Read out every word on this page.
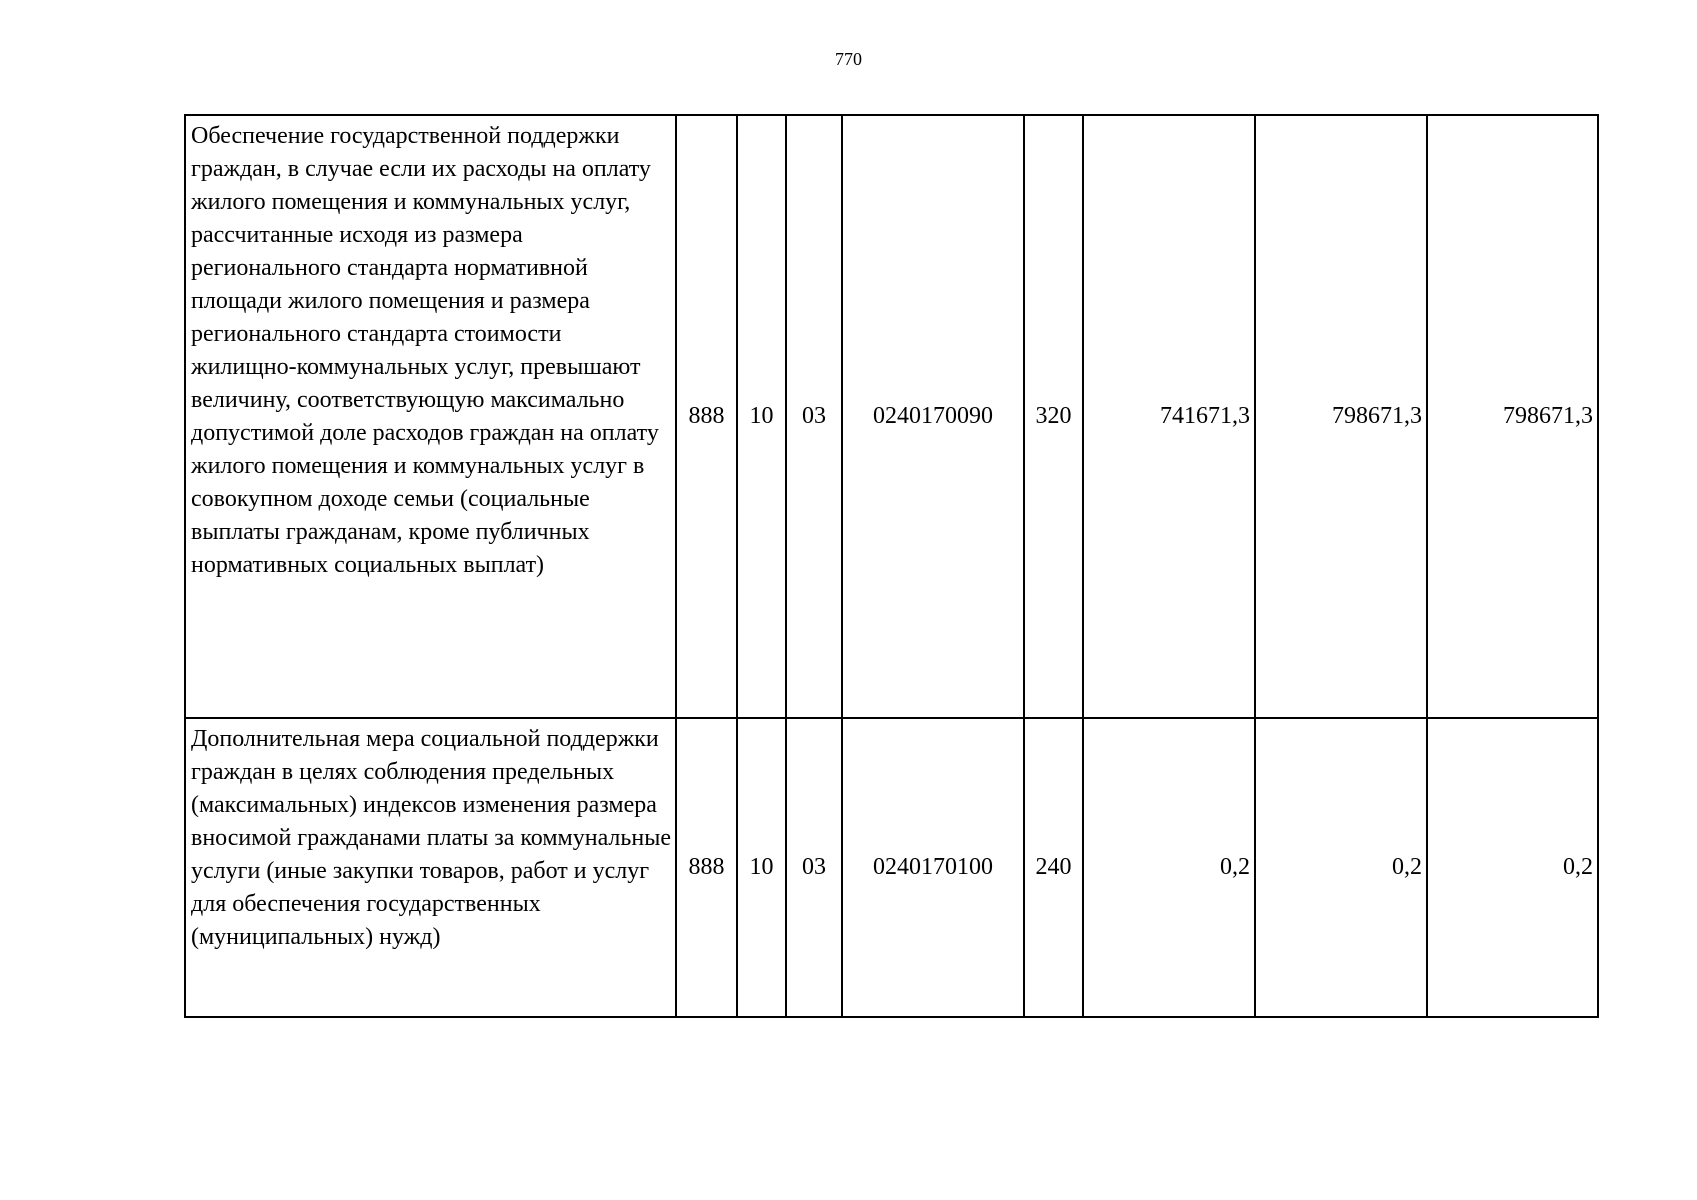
770
Обеспечение государственной поддержки граждан, в случае если их расходы на оплату жилого помещения и коммунальных услуг, рассчитанные исходя из размера регионального стандарта нормативной площади жилого помещения и размера регионального стандарта стоимости жилищно-коммунальных услуг, превышают величину, соответствующую максимально допустимой доле расходов граждан на оплату жилого помещения и коммунальных услуг в совокупном доходе семьи (социальные выплаты гражданам, кроме публичных нормативных социальных выплат)	888	10	03	0240170090	320	741671,3	798671,3	798671,3
Дополнительная мера социальной поддержки граждан в целях соблюдения предельных (максимальных) индексов изменения размера вносимой гражданами платы за коммунальные услуги (иные закупки товаров, работ и услуг для обеспечения государственных (муниципальных) нужд)	888	10	03	0240170100	240	0,2	0,2	0,2
